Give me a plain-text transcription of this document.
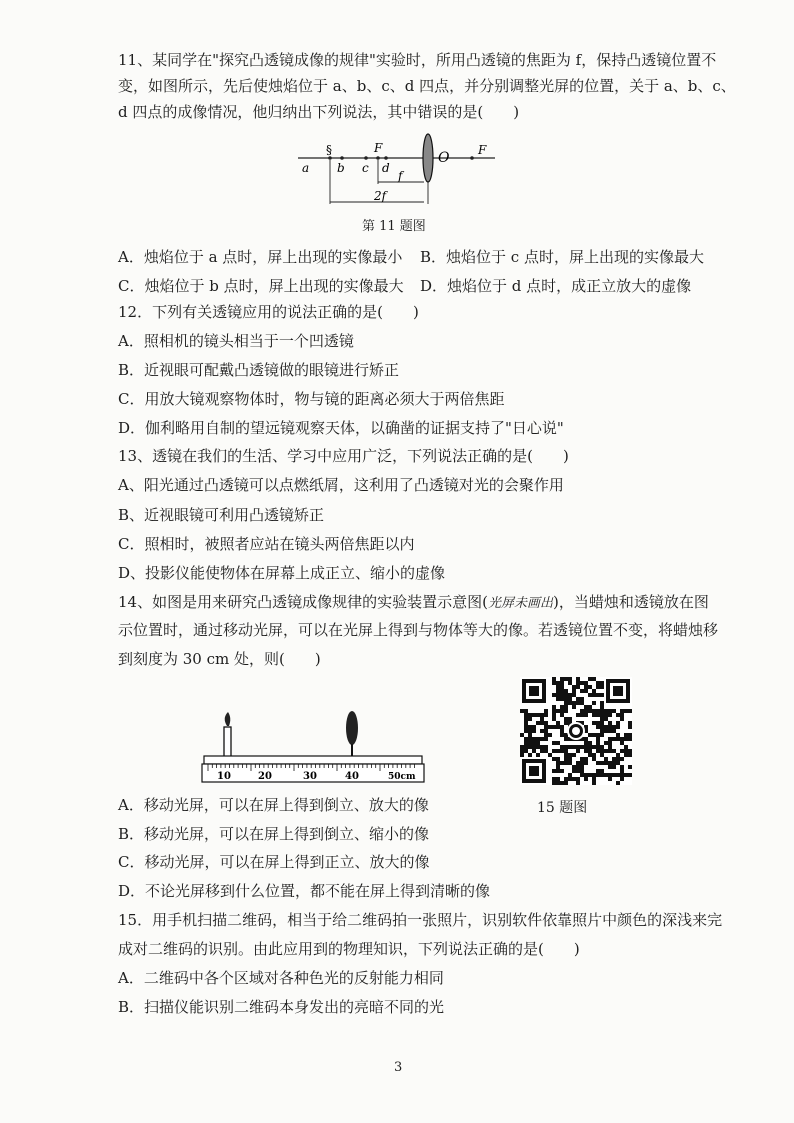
11、某同学在"探究凸透镜成像的规律"实验时，所用凸透镜的焦距为 f，保持凸透镜位置不
变，如图所示，先后使烛焰位于 a、b、c、d 四点，并分别调整光屏的位置，关于 a、b、c、
d 四点的成像情况，他归纳出下列说法，其中错误的是(　　)
§
a b c
F
d
O F
f
2f
第 11 题图
A．烛焰位于 a 点时，屏上出现的实像最小 B．烛焰位于 c 点时，屏上出现的实像最大
C．烛焰位于 b 点时，屏上出现的实像最大 D．烛焰位于 d 点时，成正立放大的虚像
12．下列有关透镜应用的说法正确的是(　　)
A．照相机的镜头相当于一个凹透镜
B．近视眼可配戴凸透镜做的眼镜进行矫正
C．用放大镜观察物体时，物与镜的距离必须大于两倍焦距
D．伽利略用自制的望远镜观察天体，以确凿的证据支持了"日心说"
13、透镜在我们的生活、学习中应用广泛，下列说法正确的是(　　)
A、阳光通过凸透镜可以点燃纸屑，这利用了凸透镜对光的会聚作用
B、近视眼镜可利用凸透镜矫正
C．照相时，被照者应站在镜头两倍焦距以内
D、投影仪能使物体在屏幕上成正立、缩小的虚像
14、如图是用来研究凸透镜成像规律的实验装置示意图(光屏未画出)，当蜡烛和透镜放在图
示位置时，通过移动光屏，可以在光屏上得到与物体等大的像。若透镜位置不变，将蜡烛移
到刻度为 30 cm 处，则(　　)
10	20	30	40	50cm
15 题图
A．移动光屏，可以在屏上得到倒立、放大的像
B．移动光屏，可以在屏上得到倒立、缩小的像
C．移动光屏，可以在屏上得到正立、放大的像
D．不论光屏移到什么位置，都不能在屏上得到清晰的像
15．用手机扫描二维码，相当于给二维码拍一张照片，识别软件依靠照片中颜色的深浅来完
成对二维码的识别。由此应用到的物理知识，下列说法正确的是(　　)
A．二维码中各个区域对各种色光的反射能力相同
B．扫描仪能识别二维码本身发出的亮暗不同的光
3
